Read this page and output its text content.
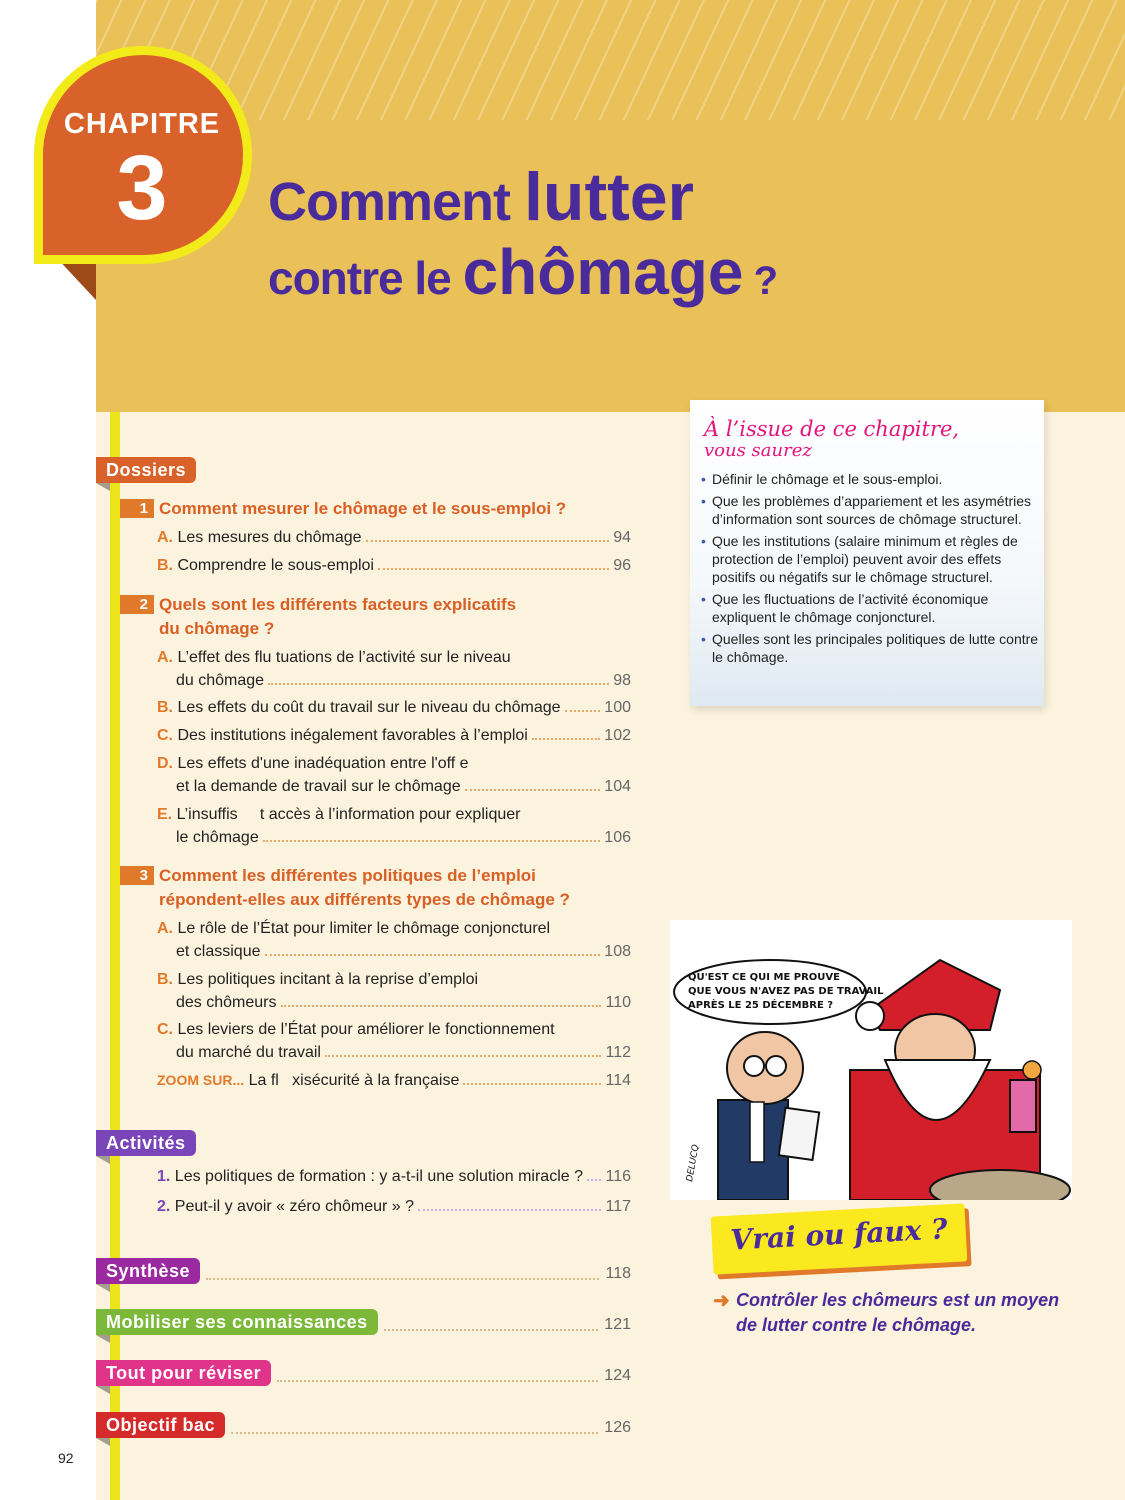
CHAPITRE
3	Comment lutter
contre le chômage ?
Dossiers
1 Comment mesurer le chômage et le sous-emploi ?
A.
Les mesures du chômage	94
B.
Comprendre le sous-emploi	96
2 Quels sont les différents facteurs explicatifs
du chômage ?
A.
L’effet des flu tuations de l’activité sur le niveau
du chômage	98
B.
Les effets du coût du travail sur le niveau du chômage	100
C.
Des institutions inégalement favorables à l’emploi	102
D.
Les effets d'une inadéquation entre l'off e
et la demande de travail sur le chômage	104
E.
L’insuffis     t accès à l’information pour expliquer
le chômage	106
3 Comment les différentes politiques de l’emploi
répondent-elles aux différents types de chômage ?
A.
Le rôle de l’État pour limiter le chômage conjoncturel
et classique	108
B.
Les politiques incitant à la reprise d’emploi
des chômeurs	110
C.
Les leviers de l’État pour améliorer le fonctionnement
du marché du travail	112
ZOOM SUR...
La fl   xisécurité à la française	114
Activités
1.
Les politiques de formation : y a-t-il une solution miracle ? 116
2.
Peut-il y avoir « zéro chômeur » ?	117
Synthèse	118
Mobiliser ses connaissances	121
Tout pour réviser	124
Objectif bac	126
À l’issue de ce chapitre,
vous saurez
• Définir le chômage et le sous-emploi.
• Que les problèmes d’appariement et les asymétries d’information sont sources de chômage structurel.
• Que les institutions (salaire minimum et règles de protection de l’emploi) peuvent avoir des effets positifs ou négatifs sur le chômage structurel.
• Que les fluctuations de l’activité économique expliquent le chômage conjoncturel.
• Quelles sont les principales politiques de lutte contre le chômage.
QU'EST CE QUI ME PROUVE
QUE VOUS N'AVEZ PAS DE TRAVAIL
APRÈS LE 25 DÉCEMBRE ?
DELUCQ
Vrai ou faux ?
➜ Contrôler les chômeurs est un moyen de lutter contre le chômage.
92
